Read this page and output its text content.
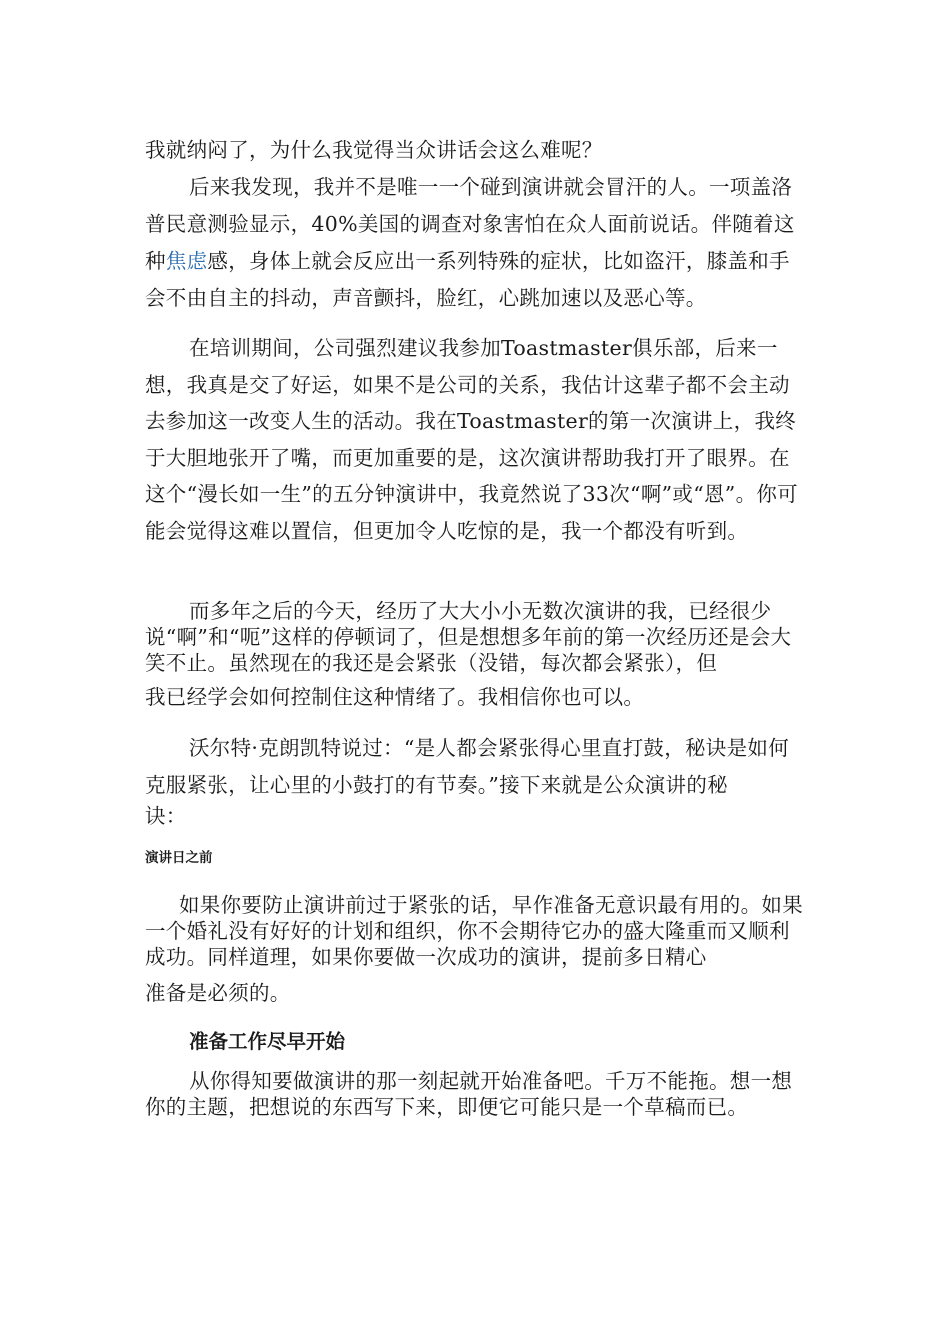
我就纳闷了，为什么我觉得当众讲话会这么难呢？

后来我发现，我并不是唯一一个碰到演讲就会冒汗的人。一项盖洛普民意测验显示，40%美国的调查对象害怕在众人面前说话。伴随着这种焦虑感，身体上就会反应出一系列特殊的症状，比如盗汗，膝盖和手会不由自主的抖动，声音颤抖，脸红，心跳加速以及恶心等。

在培训期间，公司强烈建议我参加Toastmaster俱乐部，后来一想，我真是交了好运，如果不是公司的关系，我估计这辈子都不会主动去参加这一改变人生的活动。我在Toastmaster的第一次演讲上，我终于大胆地张开了嘴，而更加重要的是，这次演讲帮助我打开了眼界。在这个“漫长如一生”的五分钟演讲中，我竟然说了33次“啊”或“恩”。你可能会觉得这难以置信，但更加令人吃惊的是，我一个都没有听到。

而多年之后的今天，经历了大大小小无数次演讲的我，已经很少说“啊”和“呃”这样的停顿词了，但是想想多年前的第一次经历还是会大笑不止。虽然现在的我还是会紧张（没错，每次都会紧张），但
我已经学会如何控制住这种情绪了。我相信你也可以。
沃尔特·克朗凯特说过：“是人都会紧张得心里直打鼓，秘诀是如何克服紧张，让心里的小鼓打的有节奏。”接下来就是公众演讲的秘
诀：

演讲日之前

如果你要防止演讲前过于紧张的话，早作准备无意识最有用的。如果一个婚礼没有好好的计划和组织，你不会期待它办的盛大隆重而又顺利成功。同样道理，如果你要做一次成功的演讲，提前多日精心
准备是必须的。

准备工作尽早开始

从你得知要做演讲的那一刻起就开始准备吧。千万不能拖。想一想你的主题，把想说的东西写下来，即便它可能只是一个草稿而已。
